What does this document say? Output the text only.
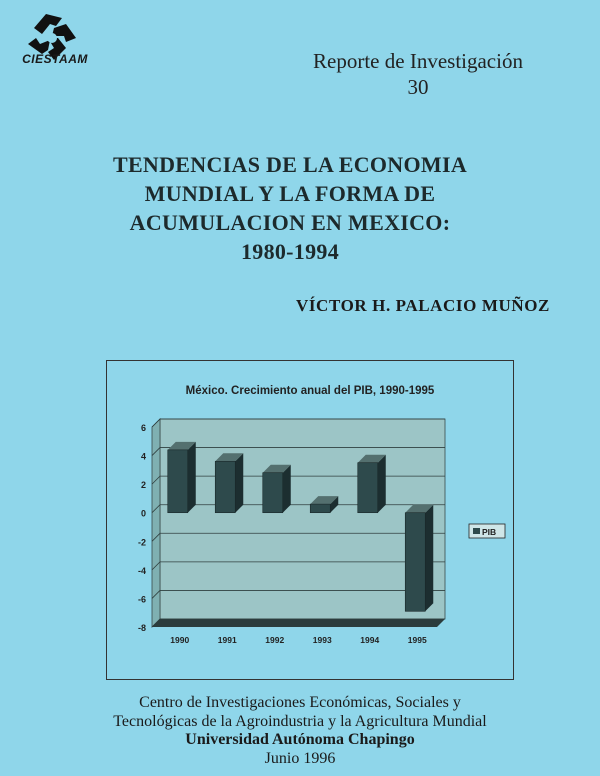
CIESTAAM	Reporte de Investigación
30
TENDENCIAS DE LA ECONOMIA
MUNDIAL Y LA FORMA DE
ACUMULACION EN MEXICO:
1980-1994
VÍCTOR H. PALACIO MUÑOZ
México. Crecimiento anual del PIB, 1990-1995
6
4
2
0
-2
-4
-6
-8
1990	1991	1992	1993	1994	1995
PIB
Centro de Investigaciones Económicas, Sociales y
Tecnológicas de la Agroindustria y la Agricultura Mundial
Universidad Autónoma Chapingo
Junio 1996
